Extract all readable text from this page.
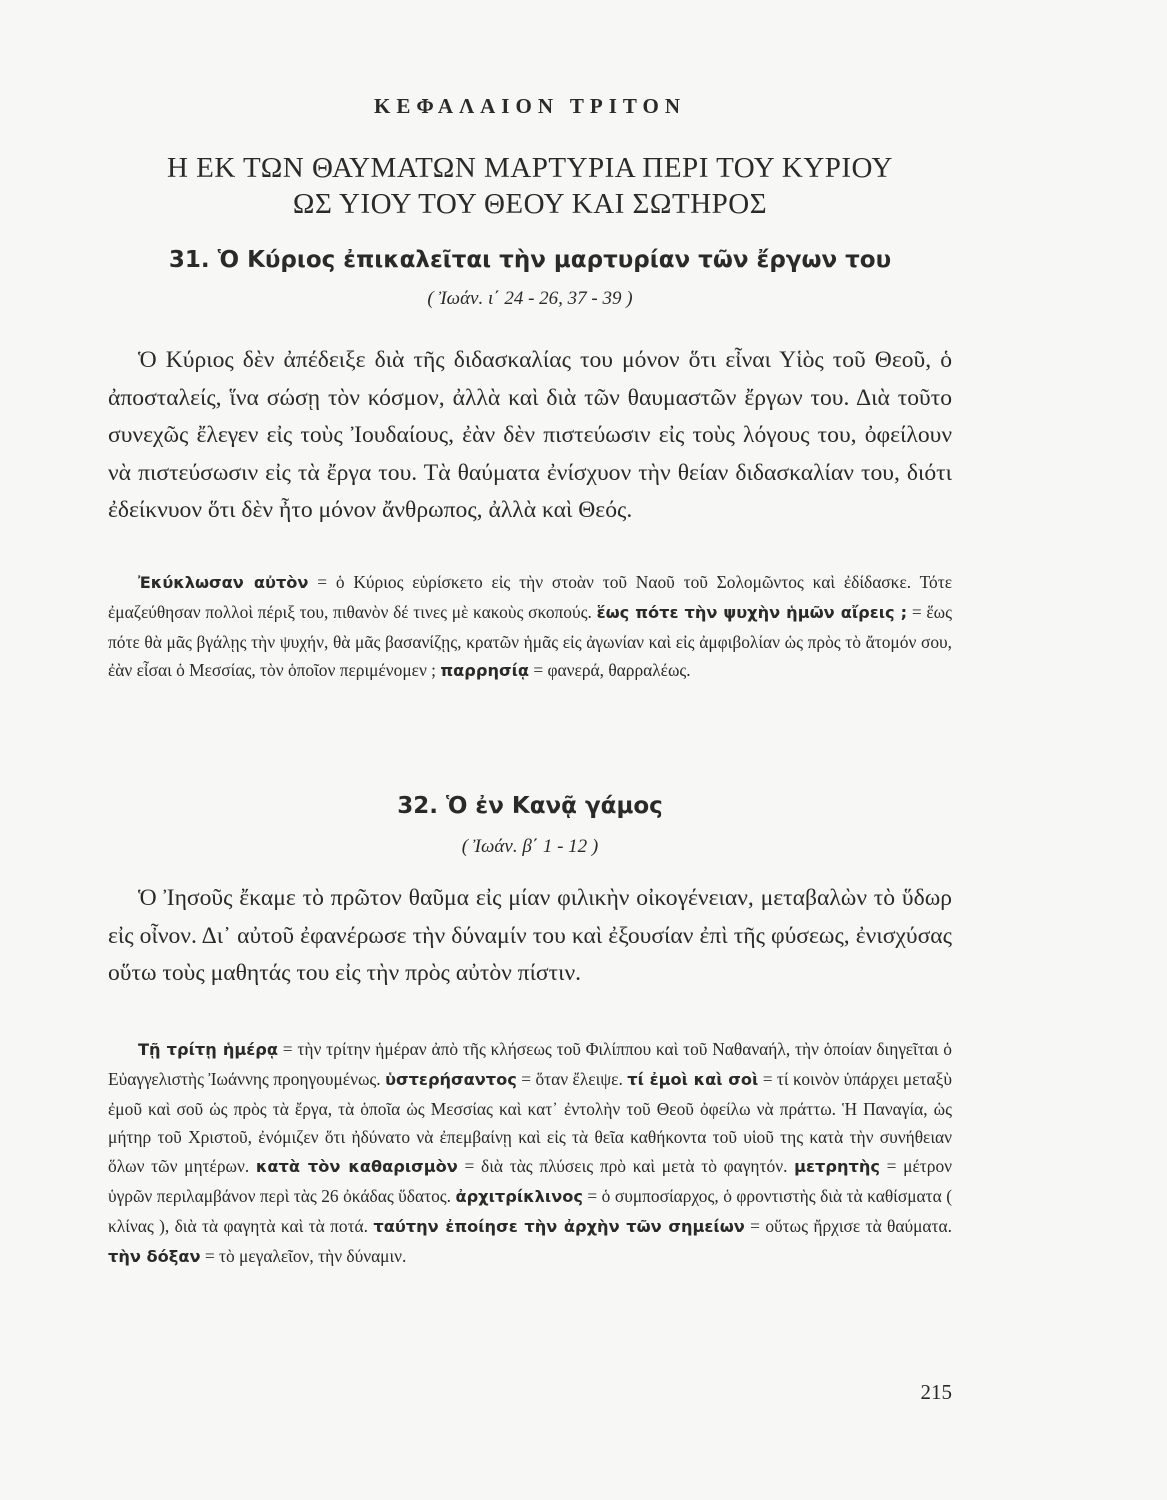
ΚΕΦΑΛΑΙΟΝ ΤΡΙΤΟΝ
Η ΕΚ ΤΩΝ ΘΑΥΜΑΤΩΝ ΜΑΡΤΥΡΙΑ ΠΕΡΙ ΤΟΥ ΚΥΡΙΟΥ
ΩΣ ΥΙΟΥ ΤΟΥ ΘΕΟΥ ΚΑΙ ΣΩΤΗΡΟΣ
31. Ὁ Κύριος ἐπικαλεῖται τὴν μαρτυρίαν τῶν ἔργων του
( Ἰωάν. ι΄ 24 - 26, 37 - 39 )

Ὁ Κύριος δὲν ἀπέδειξε διὰ τῆς διδασκαλίας του μόνον ὅτι εἶναι Υἱὸς τοῦ Θεοῦ, ὁ ἀποσταλείς, ἵνα σώσῃ τὸν κόσμον, ἀλλὰ καὶ διὰ τῶν θαυμαστῶν ἔργων του. Διὰ τοῦτο συνεχῶς ἔλεγεν εἰς τοὺς Ἰουδαίους, ἐὰν δὲν πιστεύωσιν εἰς τοὺς λόγους του, ὀφείλουν νὰ πιστεύσωσιν εἰς τὰ ἔργα του. Τὰ θαύματα ἐνίσχυον τὴν θείαν διδασκαλίαν του, διότι ἐδείκνυον ὅτι δὲν ἦτο μόνον ἄνθρωπος, ἀλλὰ καὶ Θεός.

Ἐκύκλωσαν αὐτὸν = ὁ Κύριος εὑρίσκετο εἰς τὴν στοὰν τοῦ Ναοῦ τοῦ Σολομῶντος καὶ ἐδίδασκε. Τότε ἐμαζεύθησαν πολλοὶ πέριξ του, πιθανὸν δέ τινες μὲ κακοὺς σκοπούς. ἕως πότε τὴν ψυχὴν ἡμῶν αἴρεις ; = ἕως πότε θὰ μᾶς βγάλῃς τὴν ψυχήν, θὰ μᾶς βασανίζῃς, κρατῶν ἡμᾶς εἰς ἀγωνίαν καὶ εἰς ἀμφιβολίαν ὡς πρὸς τὸ ἄτομόν σου, ἐὰν εἶσαι ὁ Μεσσίας, τὸν ὁποῖον περιμένομεν ; παρρησίᾳ = φανερά, θαρραλέως.

32. Ὁ ἐν Κανᾷ γάμος
( Ἰωάν. β΄ 1 - 12 )

Ὁ Ἰησοῦς ἔκαμε τὸ πρῶτον θαῦμα εἰς μίαν φιλικὴν οἰκογένειαν, μεταβαλὼν τὸ ὕδωρ εἰς οἶνον. Δι᾽ αὐτοῦ ἐφανέρωσε τὴν δύναμίν του καὶ ἐξουσίαν ἐπὶ τῆς φύσεως, ἐνισχύσας οὕτω τοὺς μαθητάς του εἰς τὴν πρὸς αὐτὸν πίστιν.

Τῇ τρίτῃ ἡμέρᾳ = τὴν τρίτην ἡμέραν ἀπὸ τῆς κλήσεως τοῦ Φιλίππου καὶ τοῦ Ναθαναήλ, τὴν ὁποίαν διηγεῖται ὁ Εὐαγγελιστὴς Ἰωάννης προηγουμένως. ὑστερήσαντος = ὅταν ἔλειψε. τί ἐμοὶ καὶ σοὶ = τί κοινὸν ὑπάρχει μεταξὺ ἐμοῦ καὶ σοῦ ὡς πρὸς τὰ ἔργα, τὰ ὁποῖα ὡς Μεσσίας καὶ κατ᾽ ἐντολὴν τοῦ Θεοῦ ὀφείλω νὰ πράττω. Ἡ Παναγία, ὡς μήτηρ τοῦ Χριστοῦ, ἐνόμιζεν ὅτι ἠδύνατο νὰ ἐπεμβαίνῃ καὶ εἰς τὰ θεῖα καθήκοντα τοῦ υἱοῦ της κατὰ τὴν συνήθειαν ὅλων τῶν μητέρων. κατὰ τὸν καθαρισμὸν = διὰ τὰς πλύσεις πρὸ καὶ μετὰ τὸ φαγητόν. μετρητὴς = μέτρον ὑγρῶν περιλαμβάνον περὶ τὰς 26 ὀκάδας ὕδατος. ἀρχιτρίκλινος = ὁ συμποσίαρχος, ὁ φροντιστὴς διὰ τὰ καθίσματα ( κλίνας ), διὰ τὰ φαγητὰ καὶ τὰ ποτά. ταύτην ἐποίησε τὴν ἀρχὴν τῶν σημείων = οὕτως ἤρχισε τὰ θαύματα. τὴν δόξαν = τὸ μεγαλεῖον, τὴν δύναμιν.

215
